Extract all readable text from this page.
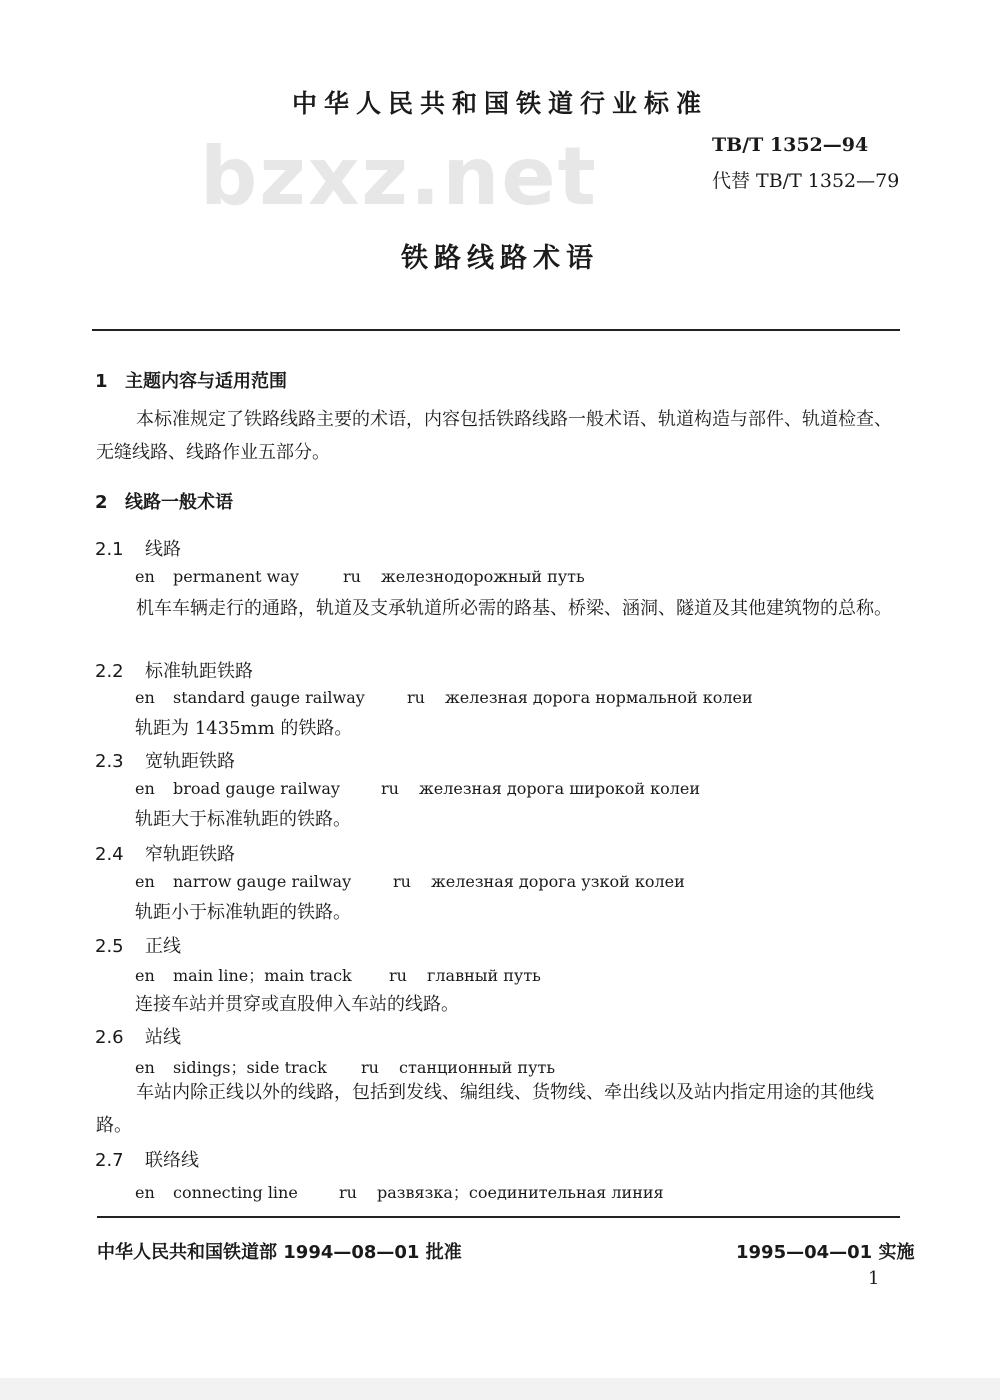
bzxz.net
中华人民共和国铁道行业标准
TB/T 1352—94
代替 TB/T 1352—79
铁路线路术语
1 主题内容与适用范围
本标准规定了铁路线路主要的术语，内容包括铁路线路一般术语、轨道构造与部件、轨道检查、无缝线路、线路作业五部分。
2 线路一般术语
2.1 线路
en permanent way	ru железнодорожный путь
机车车辆走行的通路，轨道及支承轨道所必需的路基、桥梁、涵洞、隧道及其他建筑物的总称。
2.2 标准轨距铁路
en standard gauge railway	ru железная дорога нормальной колеи
轨距为 1435mm 的铁路。
2.3 宽轨距铁路
en broad gauge railway	ru железная дорога широкой колеи
轨距大于标准轨距的铁路。
2.4 窄轨距铁路
en narrow gauge railway	ru железная дорога узкой колеи
轨距小于标准轨距的铁路。
2.5 正线
en main line；main track ru главный путь
连接车站并贯穿或直股伸入车站的线路。
2.6 站线
en sidings；side track ru станционный путь
车站内除正线以外的线路，包括到发线、编组线、货物线、牵出线以及站内指定用途的其他线路。
2.7 联络线
en connecting line	ru развязка；соединительная линия
中华人民共和国铁道部 1994—08—01 批准	1995—04—01 实施
1
